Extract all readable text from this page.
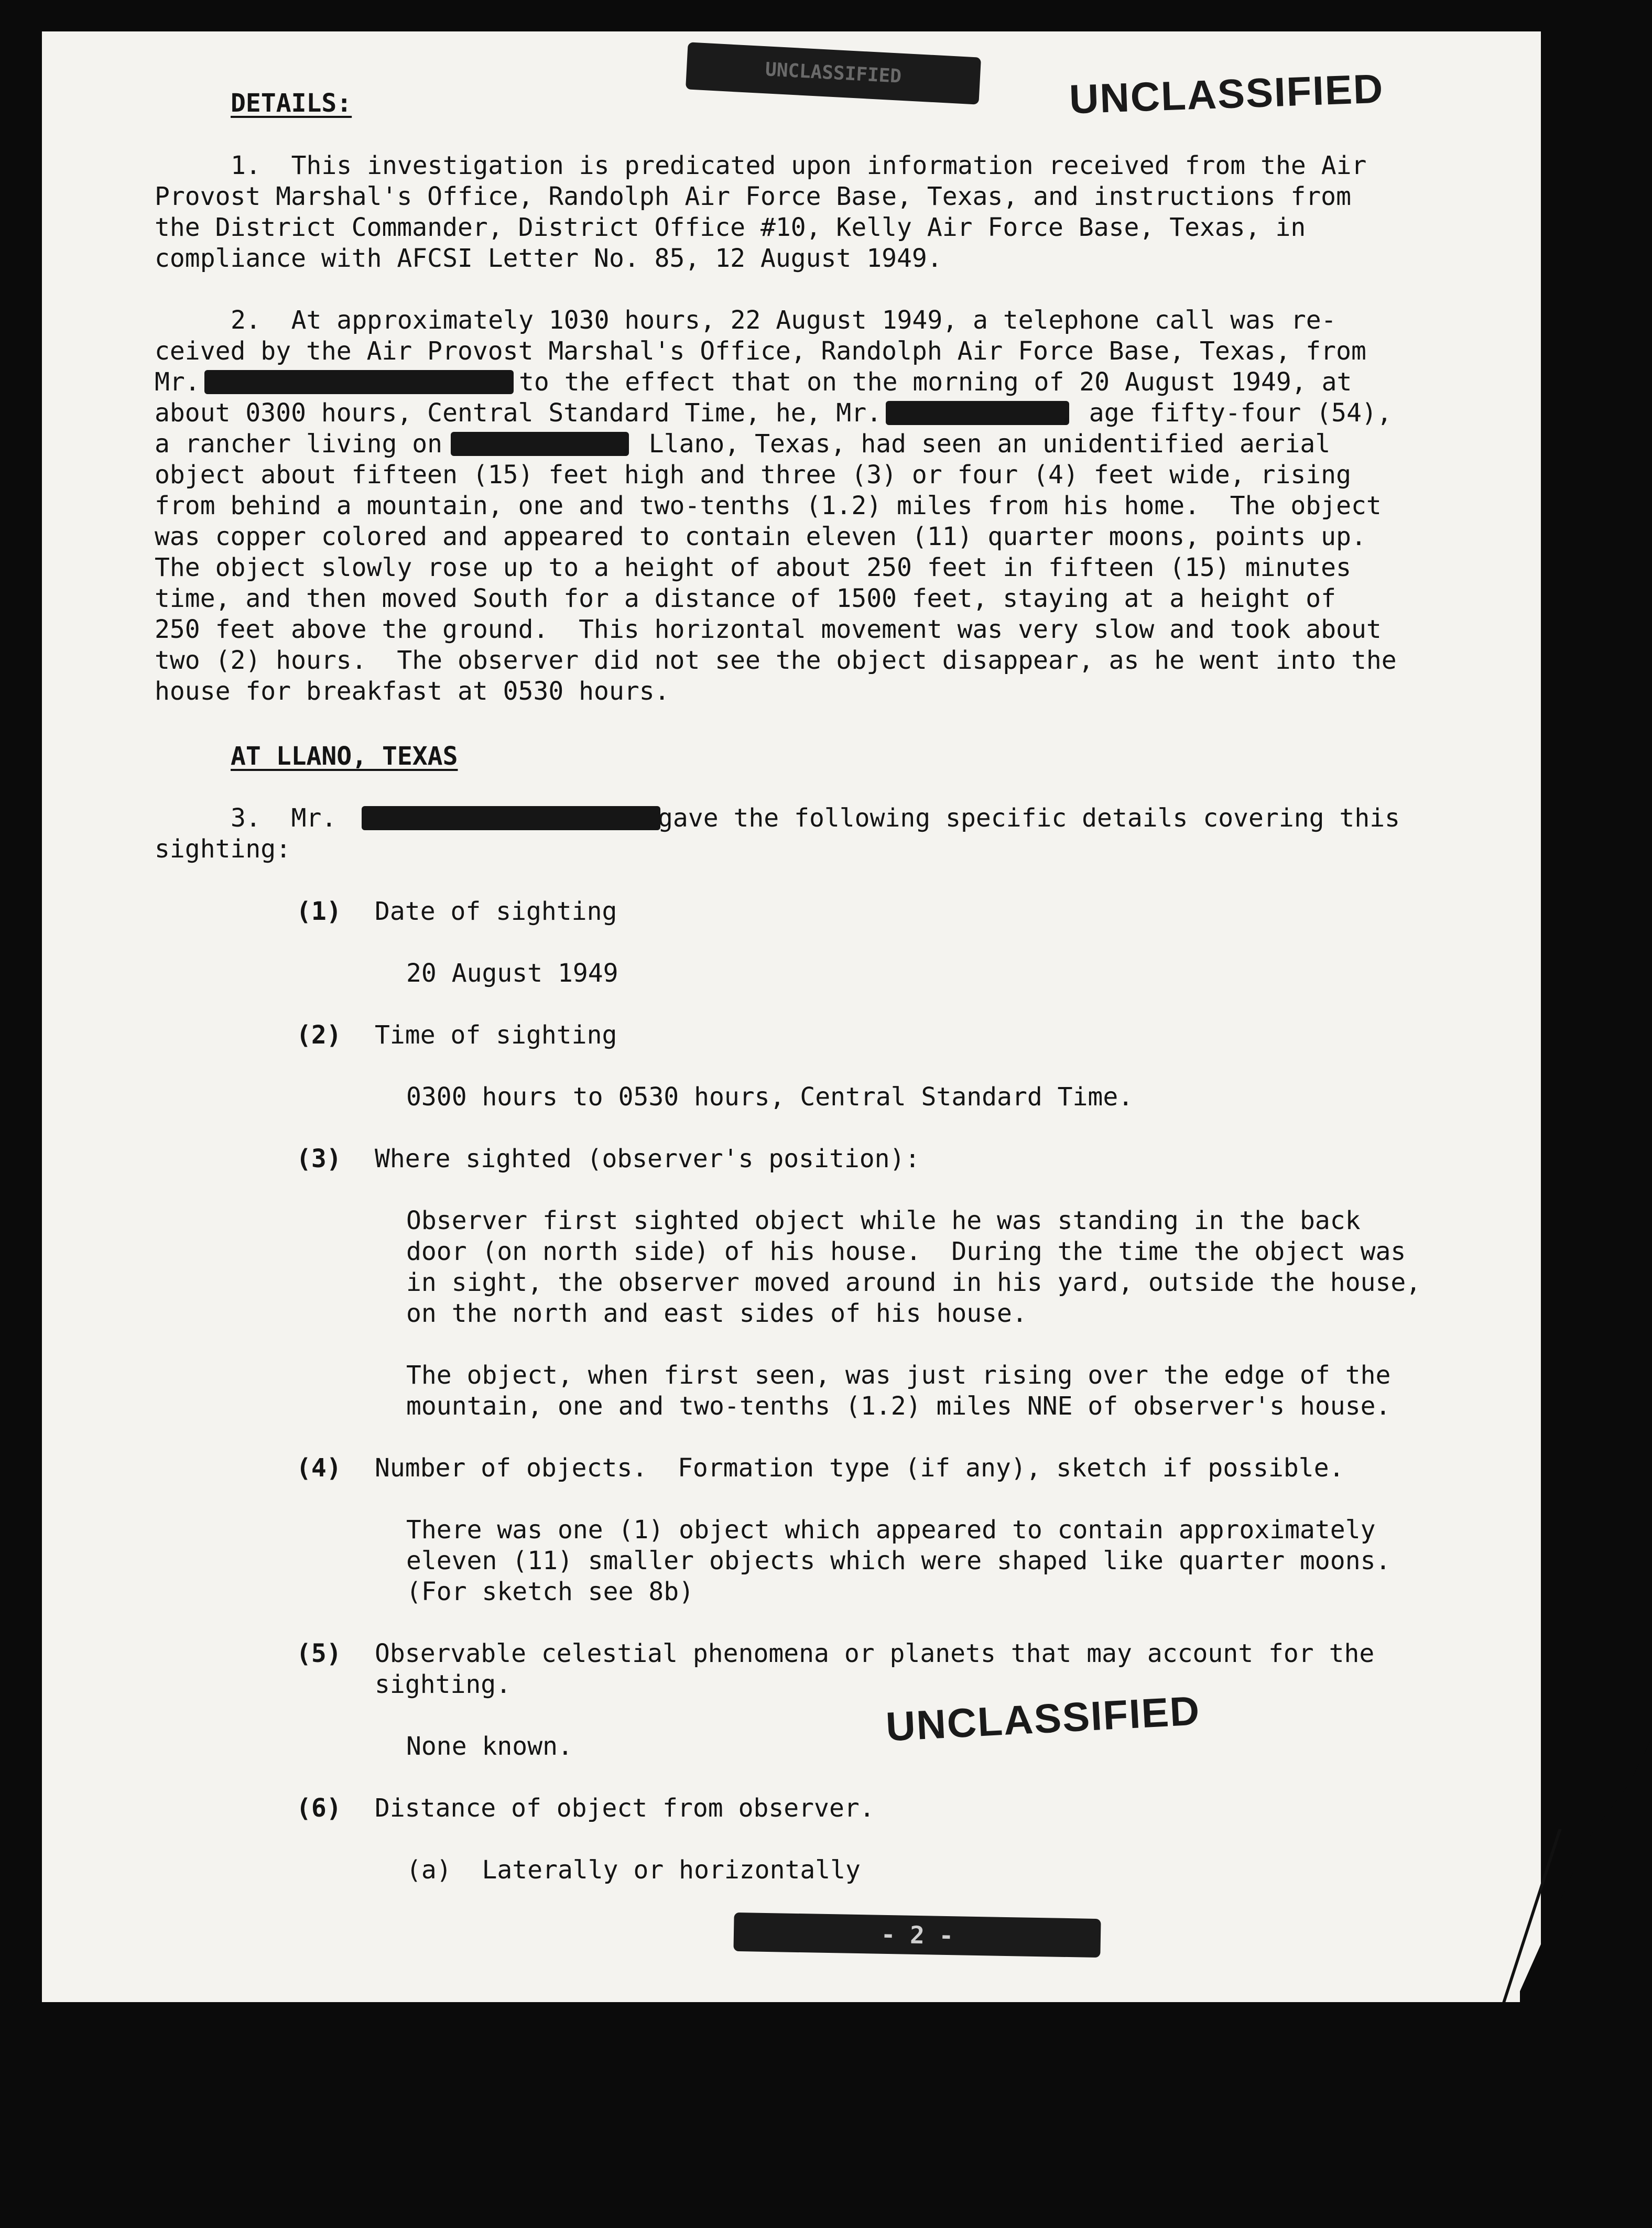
UNCLASSIFIED	UNCLASSIFIED
DETAILS:
1.  This investigation is predicated upon information received from the Air
Provost Marshal's Office, Randolph Air Force Base, Texas, and instructions from
the District Commander, District Office #10, Kelly Air Force Base, Texas, in
compliance with AFCSI Letter No. 85, 12 August 1949.
2.  At approximately 1030 hours, 22 August 1949, a telephone call was re-
ceived by the Air Provost Marshal's Office, Randolph Air Force Base, Texas, from
Mr.	to the effect that on the morning of 20 August 1949, at
about 0300 hours, Central Standard Time, he, Mr.	, age fifty-four (54),
a rancher living on	, Llano, Texas, had seen an unidentified aerial
object about fifteen (15) feet high and three (3) or four (4) feet wide, rising
from behind a mountain, one and two-tenths (1.2) miles from his home.  The object
was copper colored and appeared to contain eleven (11) quarter moons, points up.
The object slowly rose up to a height of about 250 feet in fifteen (15) minutes
time, and then moved South for a distance of 1500 feet, staying at a height of
250 feet above the ground.  This horizontal movement was very slow and took about
two (2) hours.  The observer did not see the object disappear, as he went into the
house for breakfast at 0530 hours.
AT LLANO, TEXAS
3.  Mr.	gave the following specific details covering this
sighting:
(1) Date of sighting
20 August 1949
(2) Time of sighting
0300 hours to 0530 hours, Central Standard Time.
(3) Where sighted (observer's position):
Observer first sighted object while he was standing in the back
door (on north side) of his house.  During the time the object was
in sight, the observer moved around in his yard, outside the house,
on the north and east sides of his house.
The object, when first seen, was just rising over the edge of the
mountain, one and two-tenths (1.2) miles NNE of observer's house.
(4) Number of objects.  Formation type (if any), sketch if possible.
There was one (1) object which appeared to contain approximately
eleven (11) smaller objects which were shaped like quarter moons.
(For sketch see 8b)
(5) Observable celestial phenomena or planets that may account for the
sighting.
None known.	UNCLASSIFIED
(6) Distance of object from observer.
(a)  Laterally or horizontally
- 2 -
